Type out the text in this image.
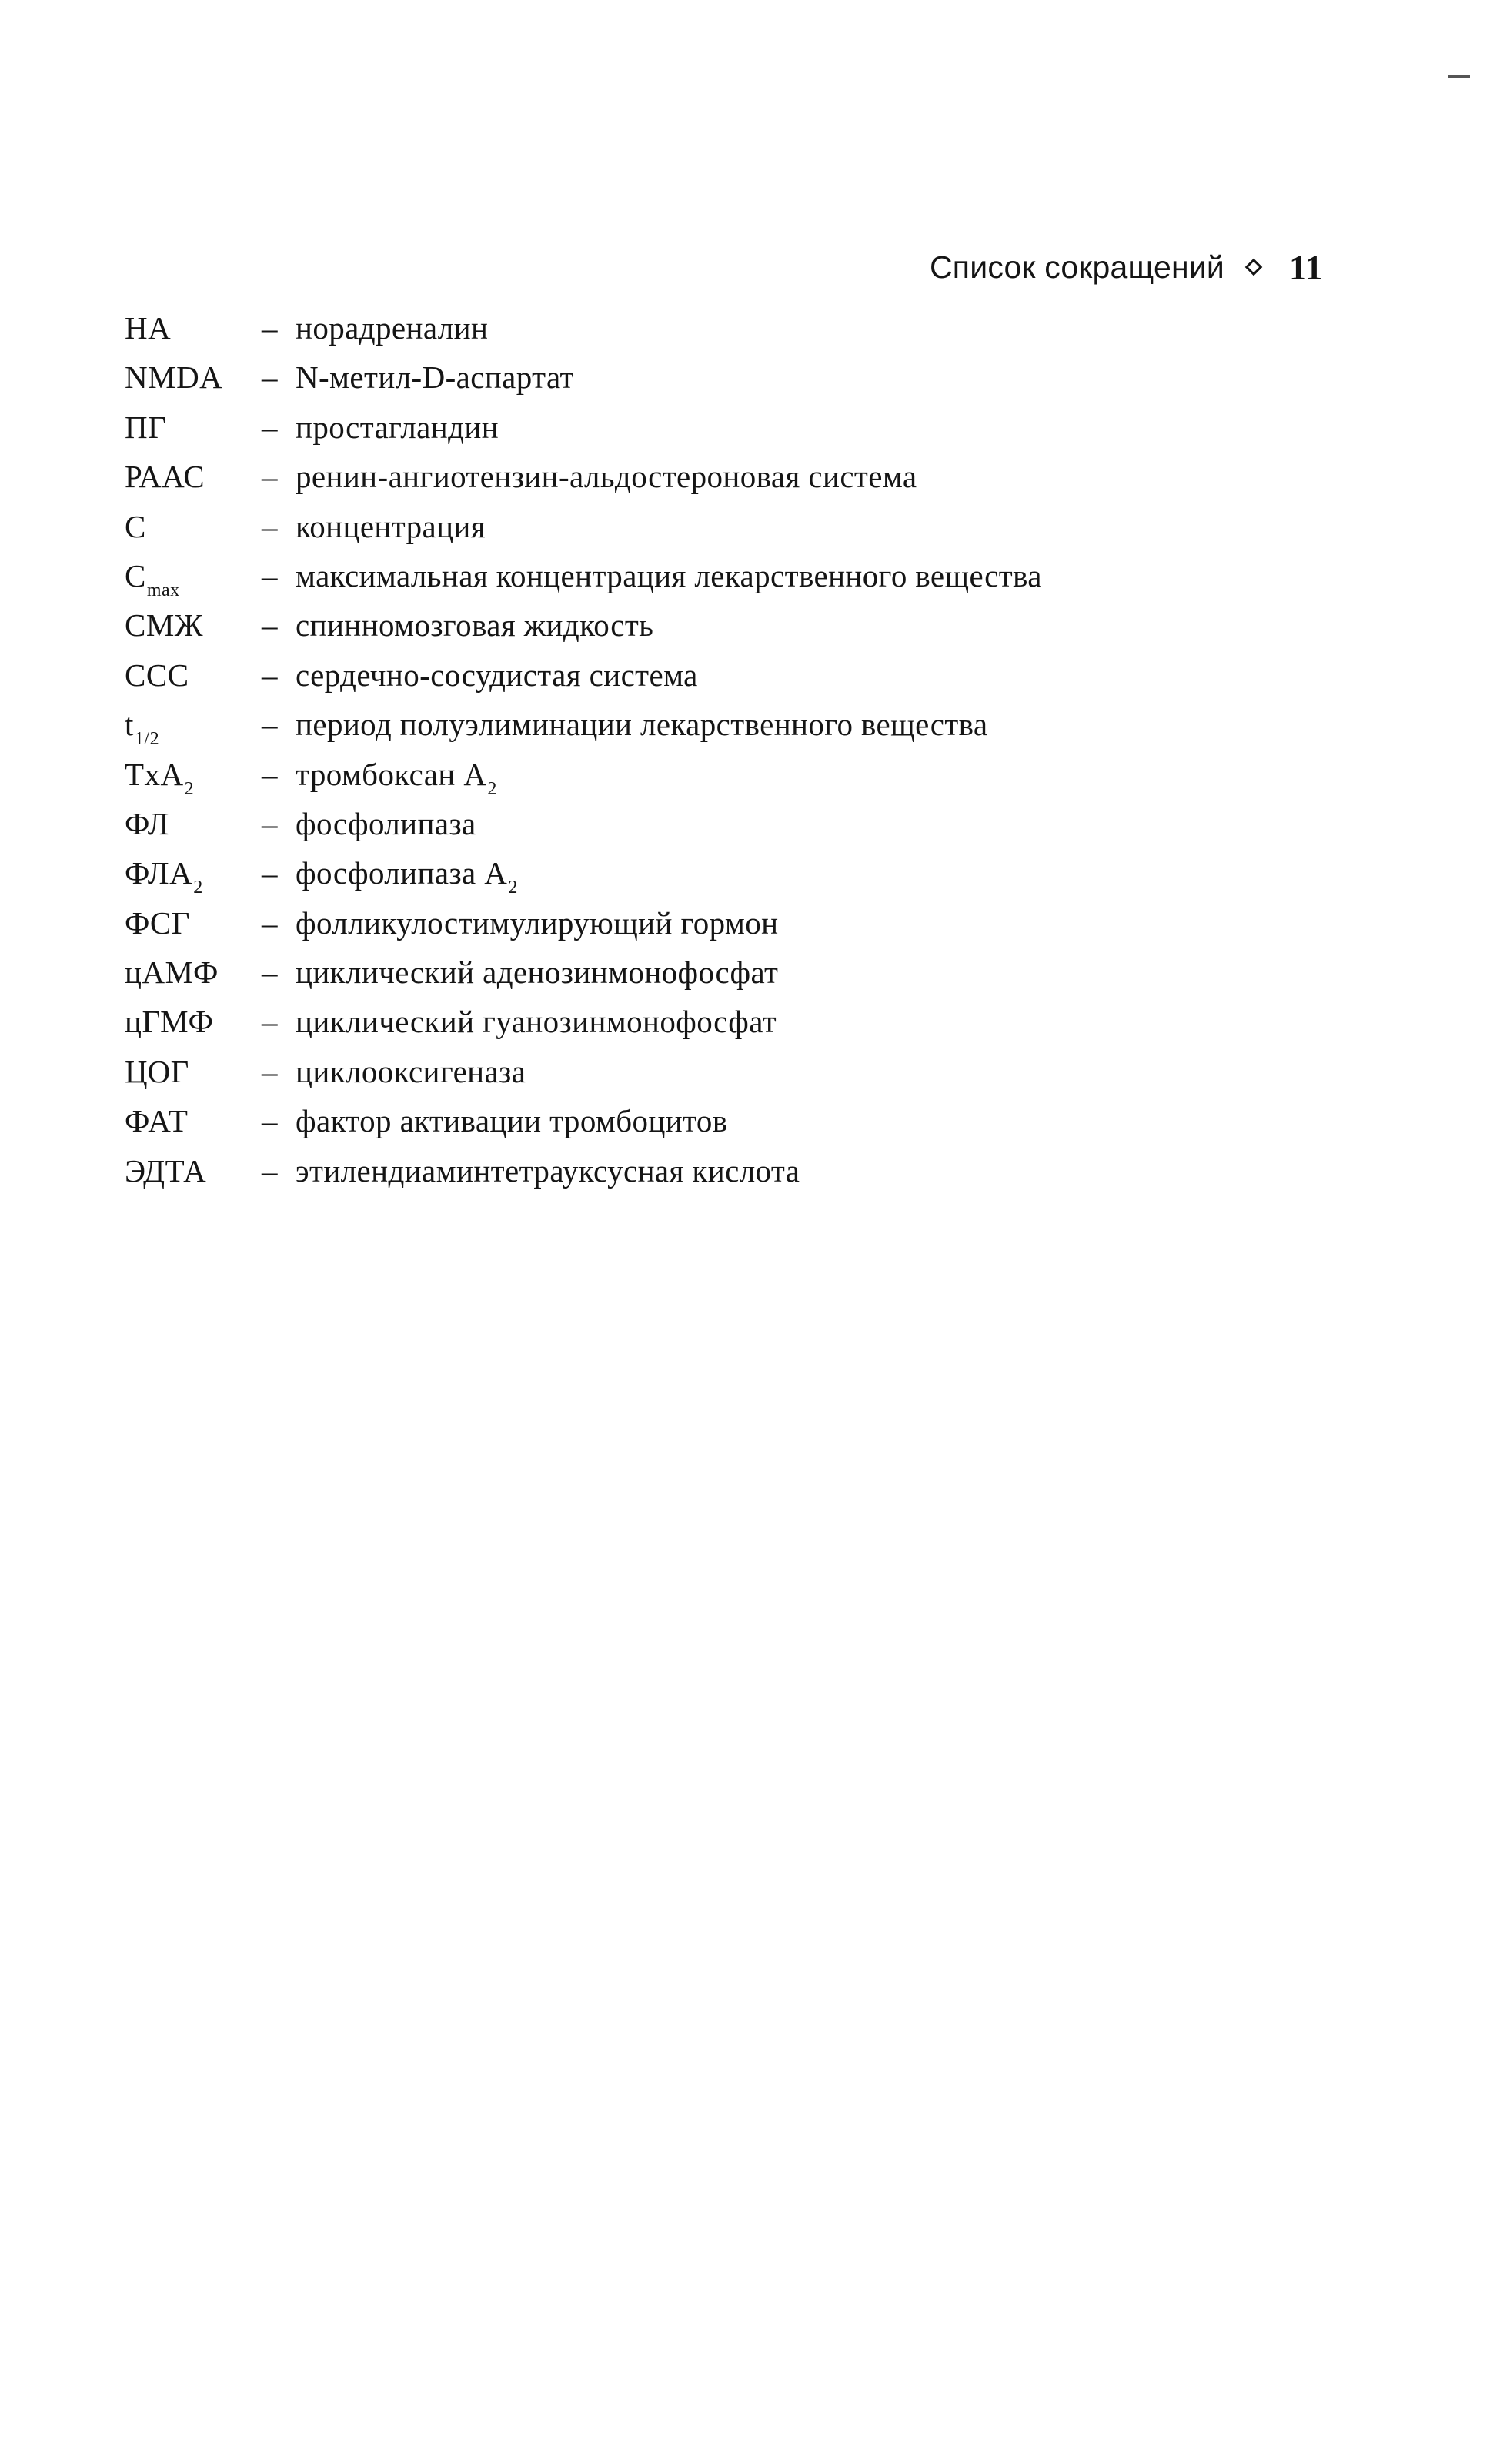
Список сокращений 11
НА	– норадреналин
NMDA	– N-метил-D-аспартат
ПГ	– простагландин
РААС	– ренин-ангиотензин-альдостероновая система
С	– концентрация
$С_{max}$	– максимальная концентрация лекарственного вещества
СМЖ	– спинномозговая жидкость
ССС	– сердечно-сосудистая система
$t_{1/2}$	– период полуэлиминации лекарственного вещества
TxA$_2$	– тромбоксан $A_2$
ФЛ	– фосфолипаза
$ФЛА_2$	– фосфолипаза $A_2$
ФСГ	– фолликулостимулирующий гормон
цАМФ	– циклический аденозинмонофосфат
цГМФ	– циклический гуанозинмонофосфат
ЦОГ	– циклооксигеназа
ФАТ	– фактор активации тромбоцитов
ЭДТА	– этилендиаминтетрауксусная кислота
